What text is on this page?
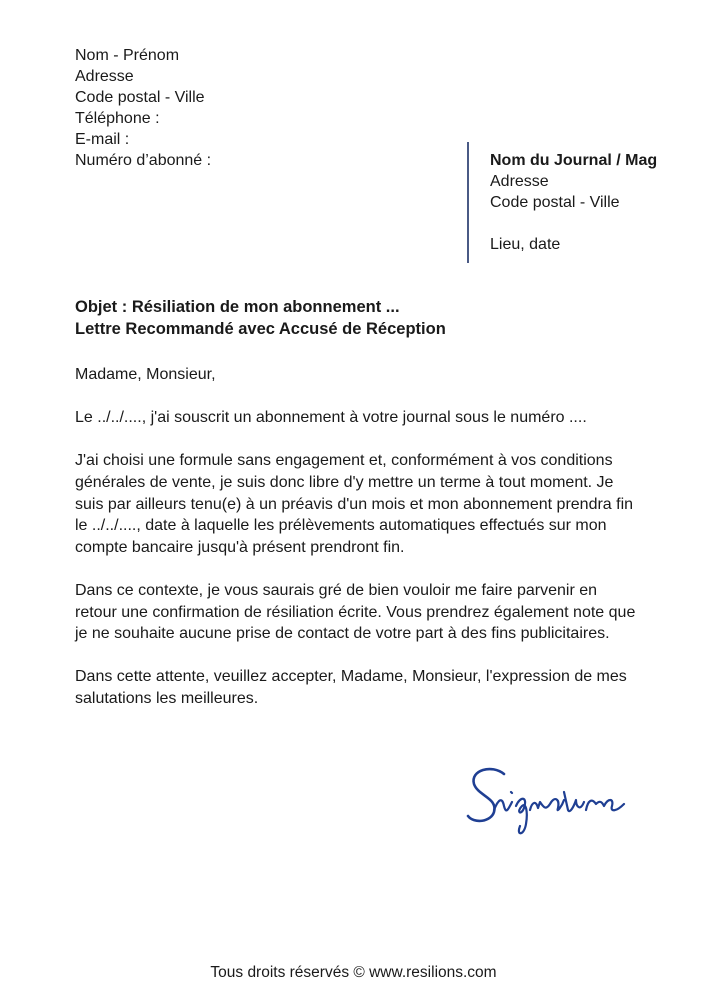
Nom - Prénom
Adresse
Code postal - Ville
Téléphone :
E-mail :
Numéro d’abonné :	Nom du Journal / Mag
Adresse
Code postal - Ville
Lieu, date
Objet : Résiliation de mon abonnement ...
Lettre Recommandé avec Accusé de Réception

Madame, Monsieur,

Le ../../...., j'ai souscrit un abonnement à votre journal sous le numéro ....

J'ai choisi une formule sans engagement et, conformément à vos conditions générales de vente, je suis donc libre d'y mettre un terme à tout moment. Je suis par ailleurs tenu(e) à un préavis d'un mois et mon abonnement prendra fin le ../../...., date à laquelle les prélèvements automatiques effectués sur mon compte bancaire jusqu'à présent prendront fin.

Dans ce contexte, je vous saurais gré de bien vouloir me faire parvenir en retour une confirmation de résiliation écrite. Vous prendrez également note que je ne souhaite aucune prise de contact de votre part à des fins publicitaires.

Dans cette attente, veuillez accepter, Madame, Monsieur, l'expression de mes salutations les meilleures.

Tous droits réservés © www.resilions.com
